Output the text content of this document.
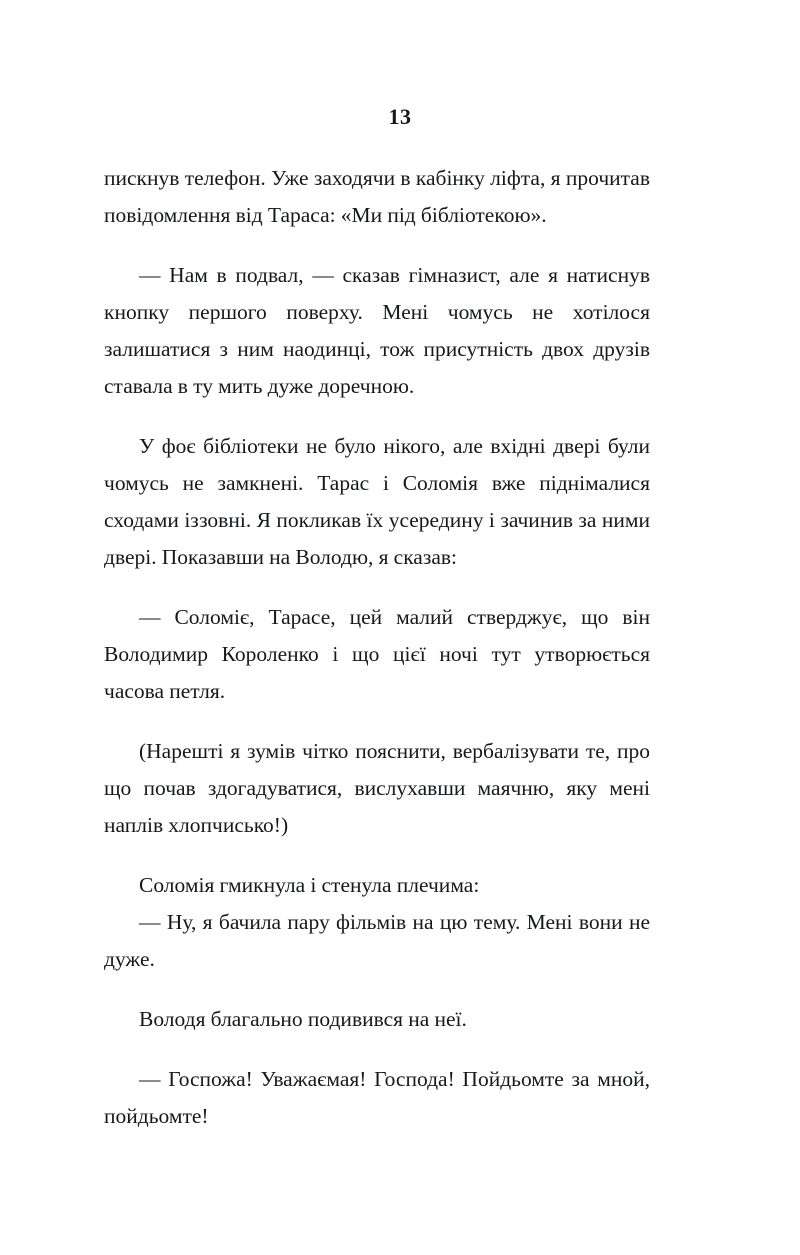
13

пискнув телефон. Уже заходячи в кабінку ліфта, я прочитав повідомлення від Тараса: «Ми під бібліотекою».

— Нам в подвал, — сказав гімназист, але я натиснув кнопку першого поверху. Мені чомусь не хотілося залишатися з ним наодинці, тож присутність двох друзів ставала в ту мить дуже доречною.

У фоє бібліотеки не було нікого, але вхідні двері були чомусь не замкнені. Тарас і Соломія вже піднімалися сходами іззовні. Я покликав їх усередину і зачинив за ними двері. Показавши на Володю, я сказав:

— Соломіє, Тарасе, цей малий стверджує, що він Володимир Короленко і що цієї ночі тут утворюється часова петля.

(Нарешті я зумів чітко пояснити, вербалізувати те, про що почав здогадуватися, вислухавши маячню, яку мені наплів хлопчисько!)

Соломія гмикнула і стенула плечима:
— Ну, я бачила пару фільмів на цю тему. Мені вони не дуже.

Володя благально подивився на неї.

— Госпожа! Уважаємая! Господа! Пойдьомте за мной, пойдьомте!
